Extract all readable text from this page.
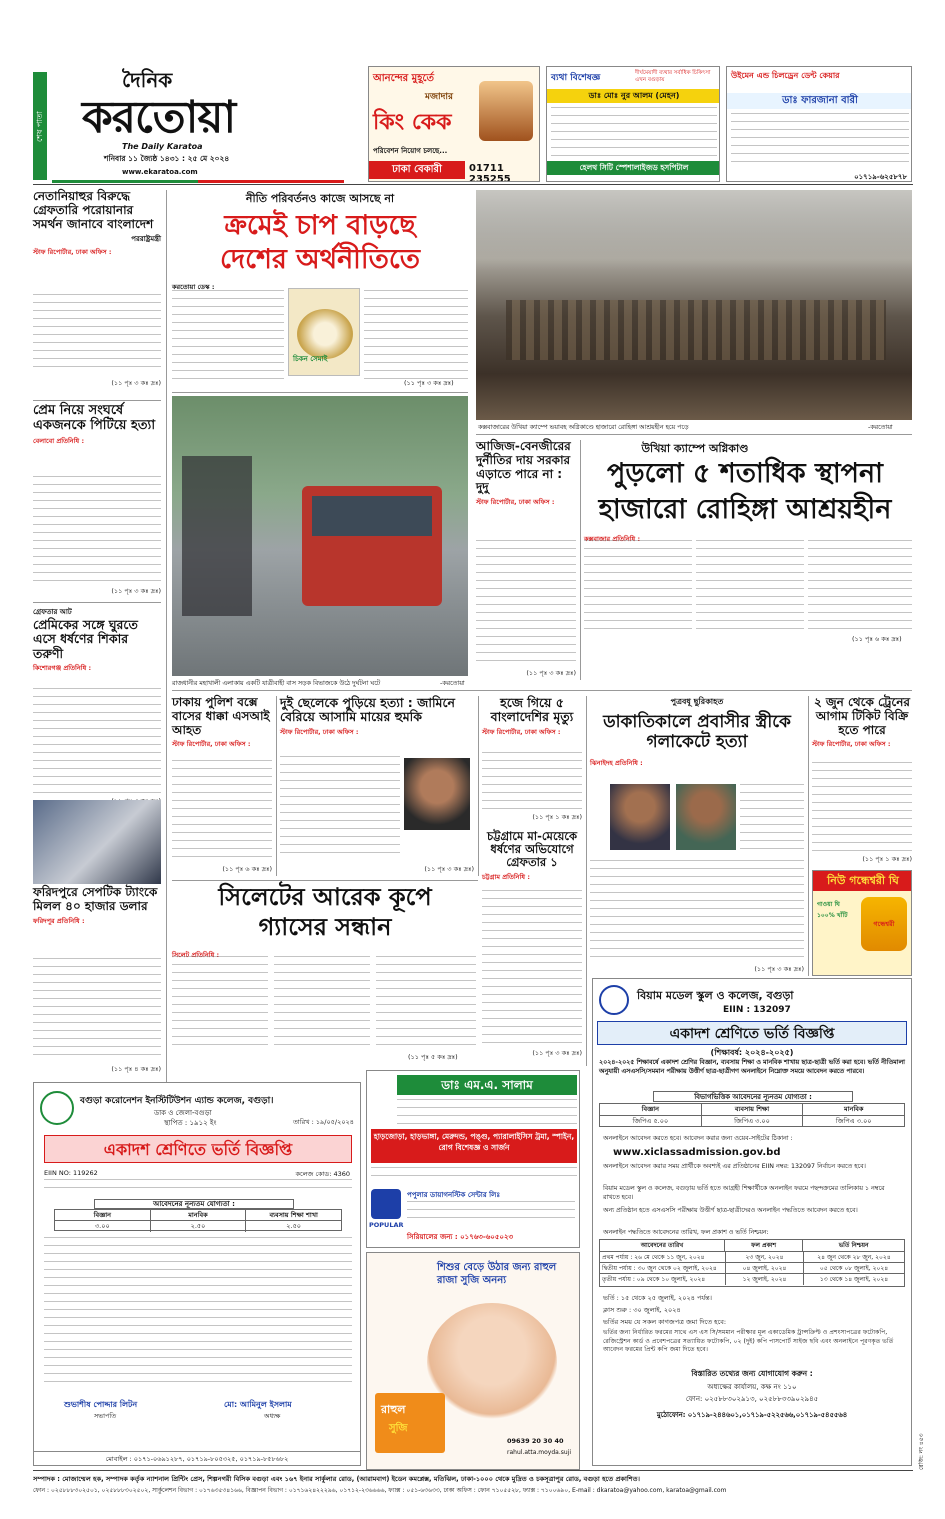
শেষ পাতা
দৈনিক
করতোয়া
The Daily Karatoa
শনিবার ১১ জ্যৈষ্ঠ ১৪৩১ : ২৫ মে ২০২৪
www.ekaratoa.com
আনন্দের মুহূর্তে
মজাদার
কিং কেক
পরিবেশন নিয়োগ চলছে...
ঢাকা বেকারী	01711 235255
ব্যথা বিশেষজ্ঞ	দীর্ঘমেয়াদী ব্যথার সর্বাধিক চিকিৎসা এখন বগুড়ায়
ডাঃ মোঃ নুর আলম (মেহন)
হেলথ সিটি স্পেশালাইজড হসপিটাল
উইমেন এন্ড চিলড্রেন ডেন্ট কেয়ার
ডাঃ ফারজানা বারী
০১৭১৯-৬২৫৮৭৮
নেতানিয়াহুর বিরুদ্ধে গ্রেফতারি পরোয়ানার সমর্থন জানাবে বাংলাদেশ
পররাষ্ট্রমন্ত্রী
স্টাফ রিপোর্টার, ঢাকা অফিস :
(১১ পৃঃ ৩ কঃ দ্রঃ)
প্রেম নিয়ে সংঘর্ষে একজনকে পিটিয়ে হত্যা
বেলাবো প্রতিনিধি :
(১১ পৃঃ ৩ কঃ দ্রঃ)
গ্রেফতার আট
প্রেমিকের সঙ্গে ঘুরতে এসে ধর্ষণের শিকার তরুণী
কিশোরগঞ্জ প্রতিনিধি :
ফরিদপুরে সেপটিক ট্যাংকে মিলল ৪০ হাজার ডলার
ফরিদপুর প্রতিনিধি :
(১১ পৃঃ ৪ কঃ দ্রঃ)
নীতি পরিবর্তনও কাজে আসছে না
ক্রমেই চাপ বাড়ছে
দেশের অর্থনীতিতে
করতোয়া ডেস্ক :
চিকন সেমাই
(১১ পৃঃ ৩ কঃ দ্রঃ)
কক্সবাজারের উখিয়া ক্যাম্পে ভয়াবহ অগ্নিকাণ্ডে হাজারো রোহিঙ্গা আশ্রয়হীন হয়ে পড়ে	-করতোয়া
উখিয়া ক্যাম্পে অগ্নিকাণ্ড
পুড়লো ৫ শতাধিক স্থাপনা
হাজারো রোহিঙ্গা আশ্রয়হীন
কক্সবাজার প্রতিনিধি :
(১১ পৃঃ ৬ কঃ দ্রঃ)
রাজধানীর মহাখালী এলাকায় একটি যাত্রীবাহী বাস সড়ক বিভাজকে উঠে দুর্ঘটনা ঘটে	-করতোয়া
আজিজ-বেনজীরের দুর্নীতির দায় সরকার এড়াতে পারে না : দুদু
স্টাফ রিপোর্টার, ঢাকা অফিস :
(১১ পৃঃ ৩ কঃ দ্রঃ)
ঢাকায় পুলিশ বক্সে বাসের ধাক্কা এসআই আহত
স্টাফ রিপোর্টার, ঢাকা অফিস :
(১১ পৃঃ ৬ কঃ দ্রঃ)
দুই ছেলেকে পুড়িয়ে হত্যা : জামিনে বেরিয়ে আসামি মায়ের হুমকি
স্টাফ রিপোর্টার, ঢাকা অফিস :
(১১ পৃঃ ৩ কঃ দ্রঃ)
হজে গিয়ে ৫ বাংলাদেশির মৃত্যু
স্টাফ রিপোর্টার, ঢাকা অফিস :
(১১ পৃঃ ১ কঃ দ্রঃ)
চট্টগ্রামে মা-মেয়েকে ধর্ষণের অভিযোগে গ্রেফতার ১
চট্টগ্রাম প্রতিনিধি :
(১১ পৃঃ ৩ কঃ দ্রঃ)
পুত্রবধূ ছুরিকাহত
ডাকাতিকালে প্রবাসীর স্ত্রীকে গলাকেটে হত্যা
ঝিনাইদহ প্রতিনিধি :
(১১ পৃঃ ৩ কঃ দ্রঃ)
২ জুন থেকে ট্রেনের আগাম টিকিট বিক্রি হতে পারে
স্টাফ রিপোর্টার, ঢাকা অফিস :
(১১ পৃঃ ১ কঃ দ্রঃ)
নিউ গন্ধেশ্বরী ঘি
গাওয়া ঘি ১০০% খাঁটি
গন্ধেশ্বরী
সিলেটের আরেক কূপে
গ্যাসের সন্ধান
সিলেট প্রতিনিধি :
(১১ পৃঃ ৫ কঃ দ্রঃ)
বগুড়া করোনেশন ইনস্টিটিউশন এ্যান্ড কলেজ, বগুড়া।
ডাক ও জেলা-বগুড়া
স্থাপিত : ১৯১২ ইং	তারিখ : ১৯/০৫/২০২৪
একাদশ শ্রেণিতে ভর্তি বিজ্ঞপ্তি
EIIN NO: 119262	কলেজ কোড: 4360
আবেদনের নূন্যতম যোগ্যতা :
বিজ্ঞান	মানবিক	ব্যবসায় শিক্ষা শাখা
৩.০০	২.৫০	২.৫০
শুভাশীষ পোদ্দার লিটন
সভাপতি
মো: আমিনুল ইসলাম
অধ্যক্ষ
মোবাইল : ০১৭১-০৬৯১২৮৭, ০১৭১৯-৮০৫৩২৫, ০১৭১৯-৮৫৮৬৮২
ডাঃ এম.এ. সালাম
হাড়জোড়া, হাড়ভাঙ্গা, মেরুদন্ড, পঙ্গু, প্যারালাইসিস ট্রমা, স্পাইন, রোগ বিশেষজ্ঞ ও সার্জন
POPULAR
পপুলার ডায়াগনস্টিক সেন্টার লিঃ
সিরিয়ালের জন্য : ০১৭৬৩-৬০৫০২৩
শিশুর বেড়ে উঠার জন্য রাহুল রাজা সুজি অনন্য
রাহুল
সুজি
09639 20 30 40
rahul.atta.moyda.suji
বিয়াম মডেল স্কুল ও কলেজ, বগুড়া
EIIN : 132097
একাদশ শ্রেণিতে ভর্তি বিজ্ঞপ্তি
(শিক্ষাবর্ষ: ২০২৪-২০২৫)
২০২৪-২০২৫ শিক্ষাবর্ষে একাদশ শ্রেণির বিজ্ঞান, ব্যবসায় শিক্ষা ও মানবিক শাখায় ছাত্র-ছাত্রী ভর্তি করা হবে। ভর্তি নীতিমালা অনুযায়ী এসএসসি/সমমান পরীক্ষায় উত্তীর্ণ ছাত্র-ছাত্রীগণ অনলাইনে নিম্নোক্ত সময়ে আবেদন করতে পারবে।
বিভাগভিত্তিক আবেদনের ন্যূনতম যোগ্যতা :
বিজ্ঞান	ব্যবসায় শিক্ষা	মানবিক
জিপিএ ৫.০০	জিপিএ ৩.০০	জিপিএ ৩.০০
অনলাইনে আবেদন করতে হবে। আবেদন করার জন্য ওয়েব-সাইটের ঠিকানা :
www.xiclassadmission.gov.bd
অনলাইনে আবেদন করার সময় প্রার্থীকে অবশ্যই এর প্রতিষ্ঠানের EIIN নম্বর: 132097 নির্বাচন করতে হবে।
বিয়াম মডেল স্কুল ও কলেজ, বগুড়ায় ভর্তি হতে আগ্রহী শিক্ষার্থীকে অনলাইন ফরমে পছন্দক্রমের তালিকায় ১ নম্বরে রাখতে হবে।
অন্য প্রতিষ্ঠান হতে এসএসসি পরীক্ষায় উত্তীর্ণ ছাত্র-ছাত্রীদেরও অনলাইন পদ্ধতিতে আবেদন করতে হবে।
অনলাইন পদ্ধতিতে আবেদনের তারিখ, ফল প্রকাশ ও ভর্তি নিশ্চয়ন:
আবেদনের তারিখ	ফল প্রকাশ	ভর্তি নিশ্চয়ন
প্রথম পর্যায় : ২৬ মে থেকে ১১ জুন, ২০২৪	২৩ জুন, ২০২৪	২৪ জুন থেকে ২৮ জুন, ২০২৪
দ্বিতীয় পর্যায় : ৩০ জুন থেকে ০২ জুলাই, ২০২৪	০৪ জুলাই, ২০২৪	০৫ থেকে ০৮ জুলাই, ২০২৪
তৃতীয় পর্যায় : ০৯ থেকে ১০ জুলাই, ২০২৪	১২ জুলাই, ২০২৪	১৩ থেকে ১৪ জুলাই, ২০২৪
ভর্তি : ১৫ থেকে ২৫ জুলাই, ২০২৪ পর্যন্ত।
ক্লাস শুরু : ৩০ জুলাই, ২০২৪
ভর্তির সময় যে সকল কাগজপত্র জমা দিতে হবে:
ভর্তির জন্য নির্ধারিত ফরমের সাথে এস এস সি/সমমান পরীক্ষার মূল একাডেমিক ট্রান্সক্রিপ্ট ও প্রশংসাপত্রের ফটোকপি, রেজিস্ট্রেশন কার্ড ও প্রবেশপত্রের সত্যায়িত ফটোকপি, ০২ (দুই) কপি পাসপোর্ট সাইজ ছবি এবং অনলাইনে পূরণকৃত ভর্তি আবেদন ফরমের প্রিন্ট কপি জমা দিতে হবে।
বিস্তারিত তথ্যের জন্য যোগাযোগ করুন :
অধ্যক্ষের কার্যালয়, কক্ষ নং ১১০
ফোন: ০২৫৮৮৩০২৯১৩, ০২৫৮৮৩৩৯০২৯৪৫
মুঠোফোন: ০১৭১৯-২৪৪৬০১,০১৭১৯-৫২২৫৬৬,০১৭১৯-৫৪৫৫৬৪
রেজি: নং ৪৫৩
সম্পাদক : মোজাম্মেল হক, সম্পাদক কর্তৃক ন্যাশনাল প্রিন্টিং প্রেস, শিল্পনগরী বিসিক বগুড়া এবং ১৬৭ ইনার সার্কুলার রোড, (আরামবাগ) ইডেন কমপ্লেক্স, মতিঝিল, ঢাকা-১০০০ থেকে মুদ্রিত ও চকসূত্রাপুর রোড, বগুড়া হতে প্রকাশিত।
ফোন : ০২৫৮৮৮৩০২৫০১, ০২৫৮৮৮৩০২৫০২, সার্কুলেশন বিভাগ : ০১৭৬৩৫৩৪১৬৬, বিজ্ঞাপন বিভাগ : ০১৭১৬২৪২২২৯৬, ০১৭১২-২৩৬৬৬৬, ফ্যাক্স : ০৫১-৬৩৬৩৩, ঢাকা অফিস : ফোন ৭১০৫৫২৮, ফ্যাক্স : ৭১০০৬৯০, E-mail : dkaratoa@yahoo.com, karatoa@gmail.com
